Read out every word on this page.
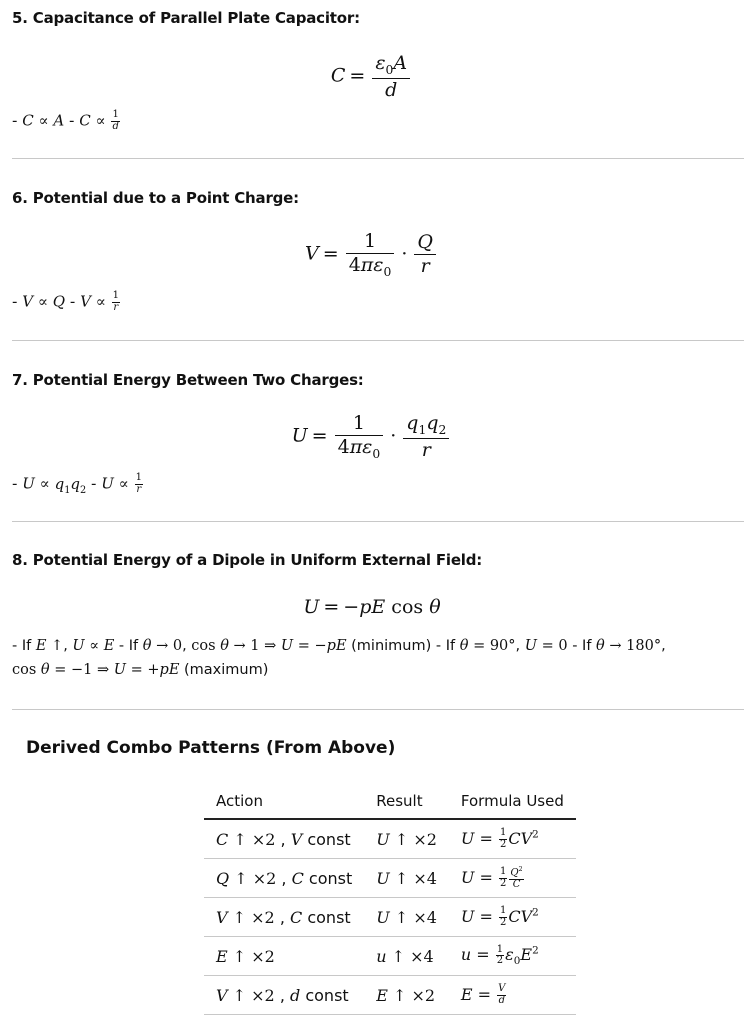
5. Capacitance of Parallel Plate Capacitor:
$C = \frac{\varepsilon_0A}{d}$
- $C \propto A - C \propto \frac{1}{d}$
6. Potential due to a Point Charge:
$V = \frac{1}{4\pi\varepsilon_0} \cdot \frac{Q}{r}$
- $V \propto Q - V \propto \frac{1}{r}$
7. Potential Energy Between Two Charges:
$U = \frac{1}{4\pi\varepsilon_0} \cdot \frac{q_1q_2}{r}$
- $U \propto q_1q_2 - U \propto \frac{1}{r}$
8. Potential Energy of a Dipole in Uniform External Field:
U = −pE cos θ
- If E ↑, U ∝ E - If θ → 0, cos θ → 1 ⇒ U = −pE (minimum) - If θ = 90°, U = 0 - If θ → 180°,
cos θ = −1 ⇒ U = +pE (maximum)
Derived Combo Patterns (From Above)
Action	Result	Formula Used
C ↑ ×2 , V const	U ↑ ×2	$U = \frac{1}{2} CV^2$
Q ↑ ×2 , C const	U ↑ ×4	$U = \frac{1}{2} \frac{Q^2}{C}$

V ↑ ×2 , C const	U ↑ ×4	$U = \frac{1}{2} CV^2$
E ↑ ×2	u ↑ ×4	$u = \frac{1}{2} \varepsilon_0E^2$
V ↑ ×2 , d const	E ↑ ×2	$E = \frac{V}{d}$
